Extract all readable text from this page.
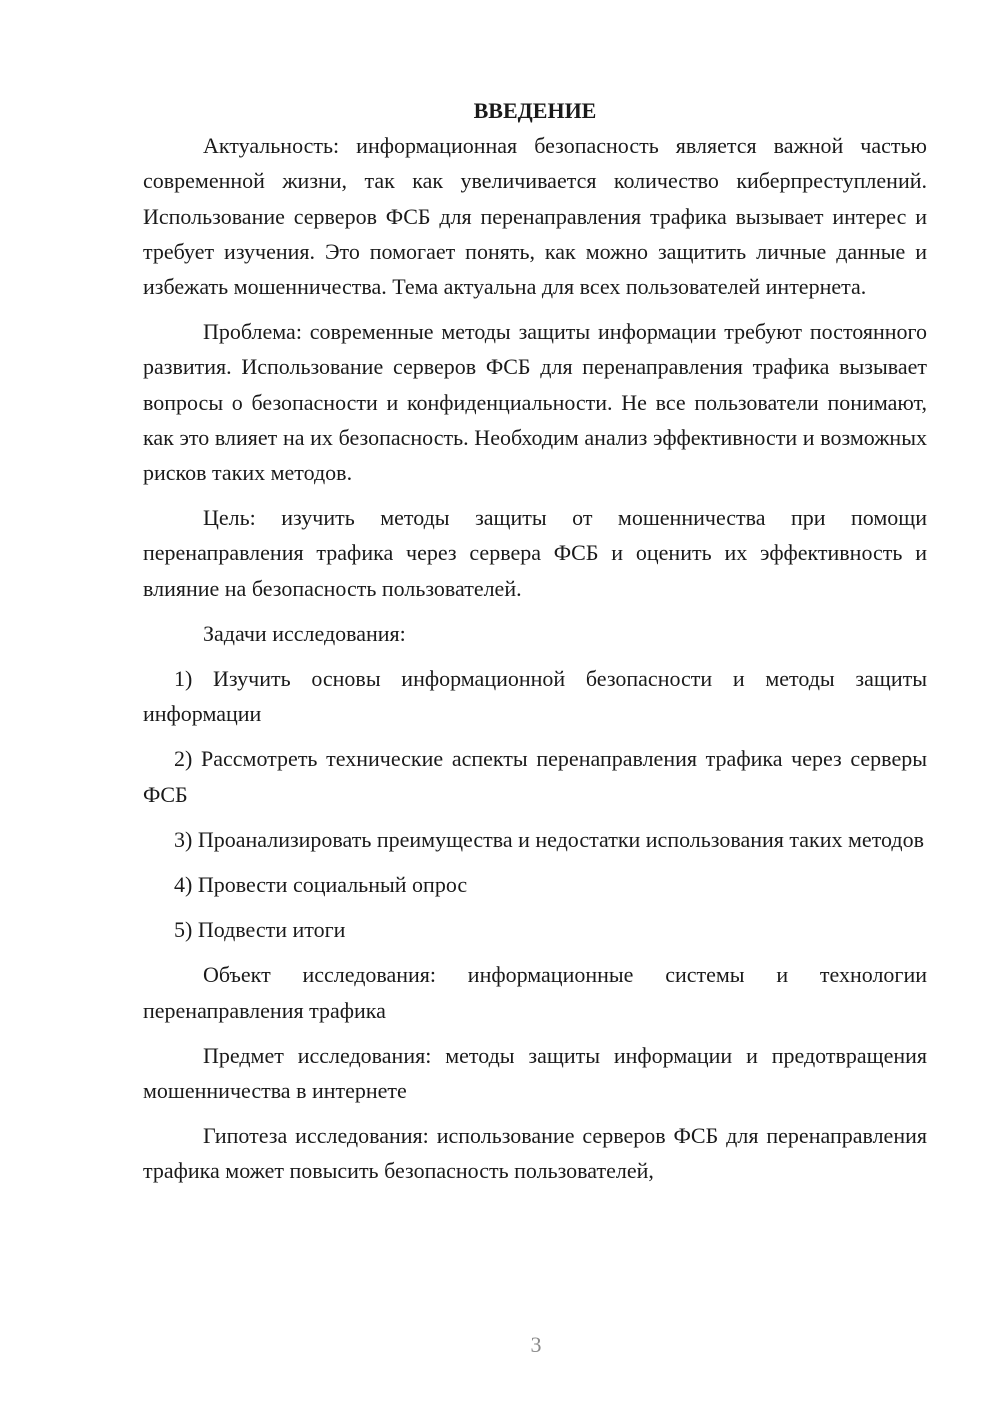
ВВЕДЕНИЕ

Актуальность: информационная безопасность является важной частью современной жизни, так как увеличивается количество киберпреступлений. Использование серверов ФСБ для перенаправления трафика вызывает интерес и требует изучения. Это помогает понять, как можно защитить личные данные и избежать мошенничества. Тема актуальна для всех пользователей интернета.

Проблема: современные методы защиты информации требуют постоянного развития. Использование серверов ФСБ для перенаправления трафика вызывает вопросы о безопасности и конфиденциальности. Не все пользователи понимают, как это влияет на их безопасность. Необходим анализ эффективности и возможных рисков таких методов.

Цель: изучить методы защиты от мошенничества при помощи перенаправления трафика через сервера ФСБ и оценить их эффективность и влияние на безопасность пользователей.

Задачи исследования:

1) Изучить основы информационной безопасности и методы защиты информации

2) Рассмотреть технические аспекты перенаправления трафика через серверы ФСБ

3) Проанализировать преимущества и недостатки использования таких методов

4) Провести социальный опрос

5) Подвести итоги

Объект исследования: информационные системы и технологии перенаправления трафика

Предмет исследования: методы защиты информации и предотвращения мошенничества в интернете

Гипотеза исследования: использование серверов ФСБ для перенаправления трафика может повысить безопасность пользователей,

3
